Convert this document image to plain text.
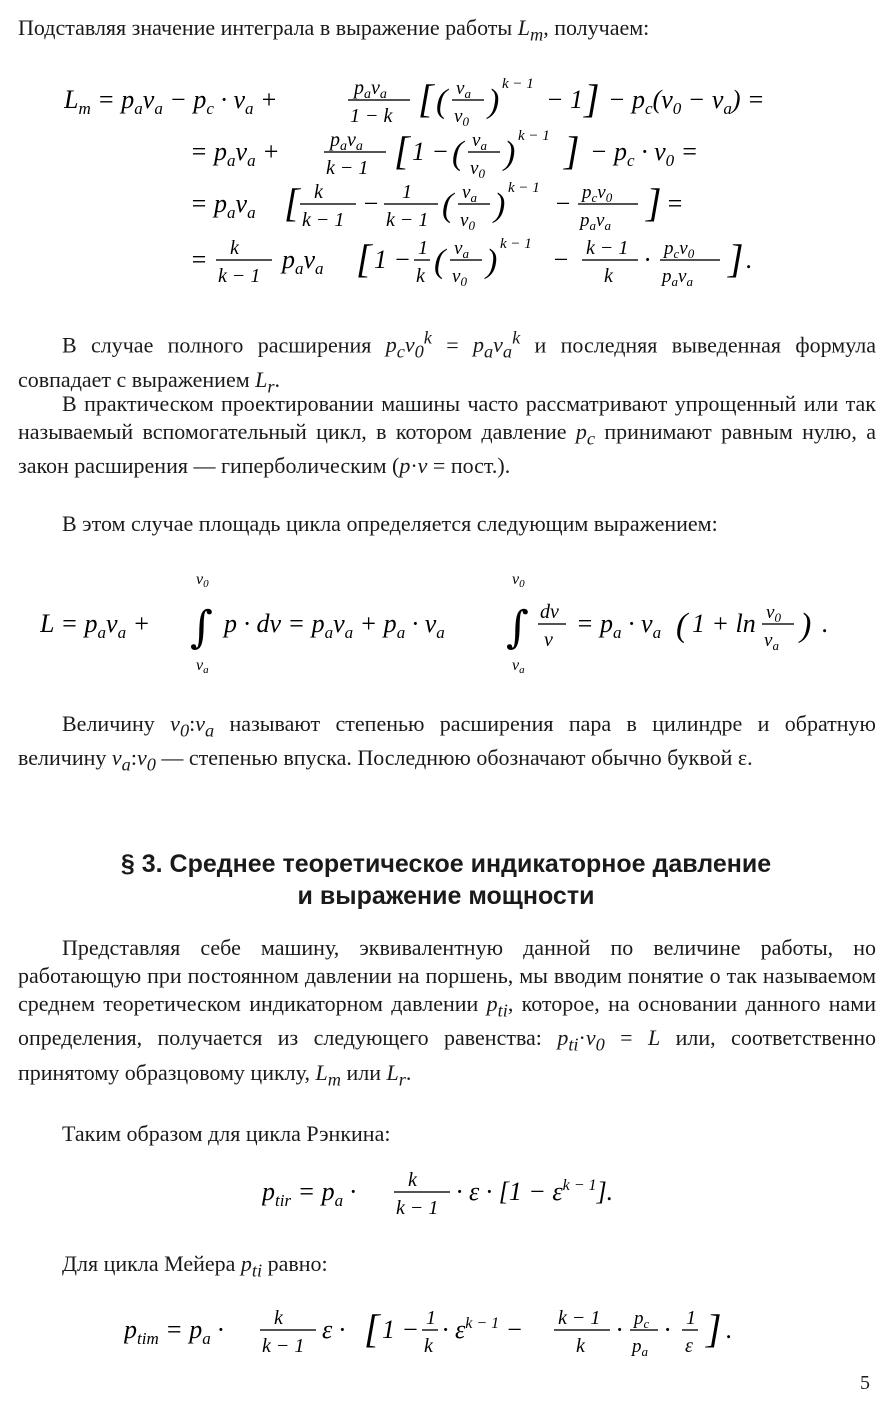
Подставляя значение интеграла в выражение работы $L_m$, получаем:
$L_m = p_av_a - p_c \cdot v_a$ +	$p_av_a$
1 − k [ ( $v_a$
$v_0$
) k − 1
− 1 ] − $p_c(v_0 - v_a)$ =
= $p_av_a$ +	$p_av_a$
k − 1 [ 1 − ( $v_a$
$v_0$
) k − 1 ] − $p_c \cdot v_0$ =
= $p_av_a$ [ k
k − 1
− 1
k − 1 ( $v_a$
$v_0$
) k − 1
− $p_cv_0$
$p_av_a$
] =
= k
k − 1
$p_av_a$ [ 1 − 1
k ( $v_a$
$v_0$
) k − 1
− k − 1
k
· $p_cv_0$
$p_av_a$
] .
В случае полного расширения $p_cv_0^k = p_av_a^k$ и последняя выведенная формула совпадает с выражением $L_r$.
В практическом проектировании машины часто рассматривают упрощенный или так называемый вспомогательный цикл, в котором давление $p_c$ принимают равным нулю, а закон расширения — гиперболическим (p·v = пост.).
В этом случае площадь цикла определяется следующим выражением:
$L = p_av_a$ +
v0
∫
va
p · dv = $p_av_a + p_a \cdot v_a$
v0
∫
va
dv
v
= $p_a \cdot v_a$ ( $1 + \ln v_0$
$v_a$
) .
Величину $v_0:v_a$ называют степенью расширения пара в цилиндре и обратную величину $v_a:v_0$ — степенью впуска. Последнюю обозначают обычно буквой ε.
§ 3. Среднее теоретическое индикаторное давление
и выражение мощности
Представляя себе машину, эквивалентную данной по величине работы, но работающую при постоянном давлении на поршень, мы вводим понятие о так называемом среднем теоретическом индикаторном давлении $p_{ti}$, которое, на основании данного нами определения, получается из следующего равенства: $p_{ti}\cdot v_0 = L$ или, соответственно принятому образцовому циклу, $L_m$ или $L_r$.
Таким образом для цикла Рэнкина:
$p_{tir} = p_a$ ·	k
k − 1
· $\varepsilon \cdot [1 - \varepsilon^{k - 1}]$.
Для цикла Мейера $p_{ti}$ равно:
$p_{tim} = p_a$ ·	k
k − 1
ε · [ 1 − 1
k
· $\varepsilon^{k - 1} - k - 1$
k
· $p_c$
$p_a$
· 1
ε ] .
5
